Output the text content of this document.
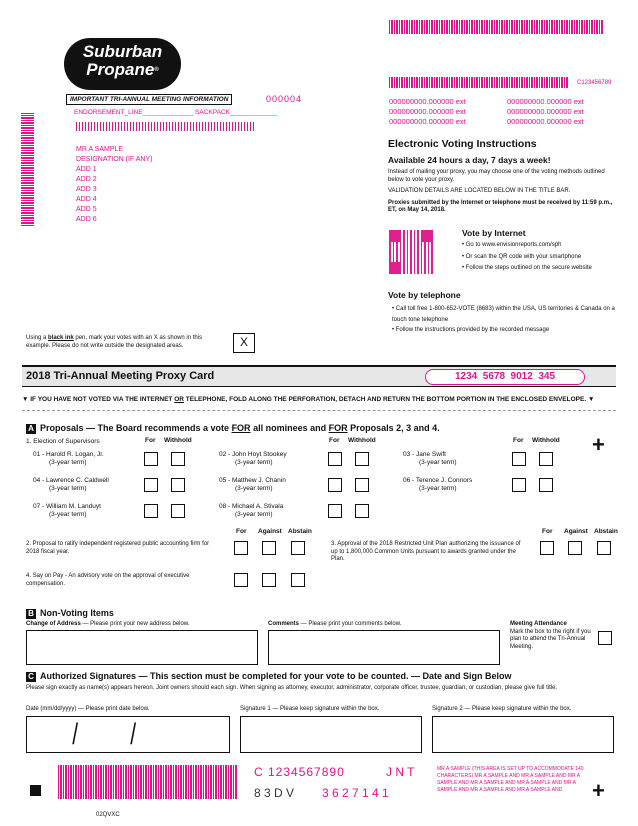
Suburban
Propane®
C123456789
000000000.000000 ext	000000000.000000 ext
000000000.000000 ext	000000000.000000 ext
000000000.000000 ext	000000000.000000 ext
IMPORTANT TRI-ANNUAL MEETING INFORMATION	000004
ENDORSEMENT_LINE______________ SACKPACK_____________
MR A SAMPLE
DESIGNATION (IF ANY)
ADD 1
ADD 2
ADD 3
ADD 4
ADD 5
ADD 6
Electronic Voting Instructions
Available 24 hours a day, 7 days a week!
Instead of mailing your proxy, you may choose one of the voting methods outlined below to vote your proxy.
VALIDATION DETAILS ARE LOCATED BELOW IN THE TITLE BAR.
Proxies submitted by the Internet or telephone must be received by 11:59 p.m., ET, on May 14, 2018.
Vote by Internet
• Go to www.envisionreports.com/sph
• Or scan the QR code with your smartphone
• Follow the steps outlined on the secure website
Vote by telephone
• Call toll free 1-800-652-VOTE (8683) within the USA, US territories & Canada on a touch tone telephone
• Follow the instructions provided by the recorded message
Using a black ink pen, mark your votes with an X as shown in this example. Please do not write outside the designated areas.	X
2018 Tri-Annual Meeting Proxy Card	1234  5678  9012  345
▼ IF YOU HAVE NOT VOTED VIA THE INTERNET OR TELEPHONE, FOLD ALONG THE PERFORATION, DETACH AND RETURN THE BOTTOM PORTION IN THE ENCLOSED ENVELOPE. ▼
A Proposals — The Board recommends a vote FOR all nominees and FOR Proposals 2, 3 and 4.
1. Election of Supervisors	For Withhold	For Withhold	For Withhold +
01 - Harold R. Logan, Jr.
(3-year term)
02 - John Hoyt Stookey
(3-year term)
03 - Jane Swift
(3-year term)
04 - Lawrence C. Caldwell
(3-year term)
05 - Matthew J. Chanin
(3-year term)
06 - Terence J. Connors
(3-year term)
07 - William M. Landuyt
(3-year term)
08 - Michael A. Stivala
(3-year term)
For Against Abstain	For Against Abstain
2. Proposal to ratify independent registered public accounting firm for 2018 fiscal year.
3. Approval of the 2018 Restricted Unit Plan authorizing the issuance of up to 1,800,000 Common Units pursuant to awards granted under the Plan.
4. Say on Pay - An advisory vote on the approval of executive compensation.
B Non-Voting Items
Change of Address — Please print your new address below.	Comments — Please print your comments below.	Meeting Attendance
Mark the box to the right if you plan to attend the Tri-Annual Meeting.
C Authorized Signatures — This section must be completed for your vote to be counted. — Date and Sign Below
Please sign exactly as name(s) appears hereon. Joint owners should each sign. When signing as attorney, executor, administrator, corporate officer, trustee, guardian, or custodian, please give full title.
Date (mm/dd/yyyy) — Please print date below.
/ /
Signature 1 — Please keep signature within the box.	Signature 2 — Please keep signature within the box.
02QVXC
C 1234567890	J N T
8 3 D V 3 6 2 7 1 4 1
MR A SAMPLE (THIS AREA IS SET UP TO ACCOMMODATE 140 CHARACTERS) MR A SAMPLE AND MR A SAMPLE AND MR A SAMPLE AND MR A SAMPLE AND MR A SAMPLE AND MR A SAMPLE AND MR A SAMPLE AND MR A SAMPLE AND	+
